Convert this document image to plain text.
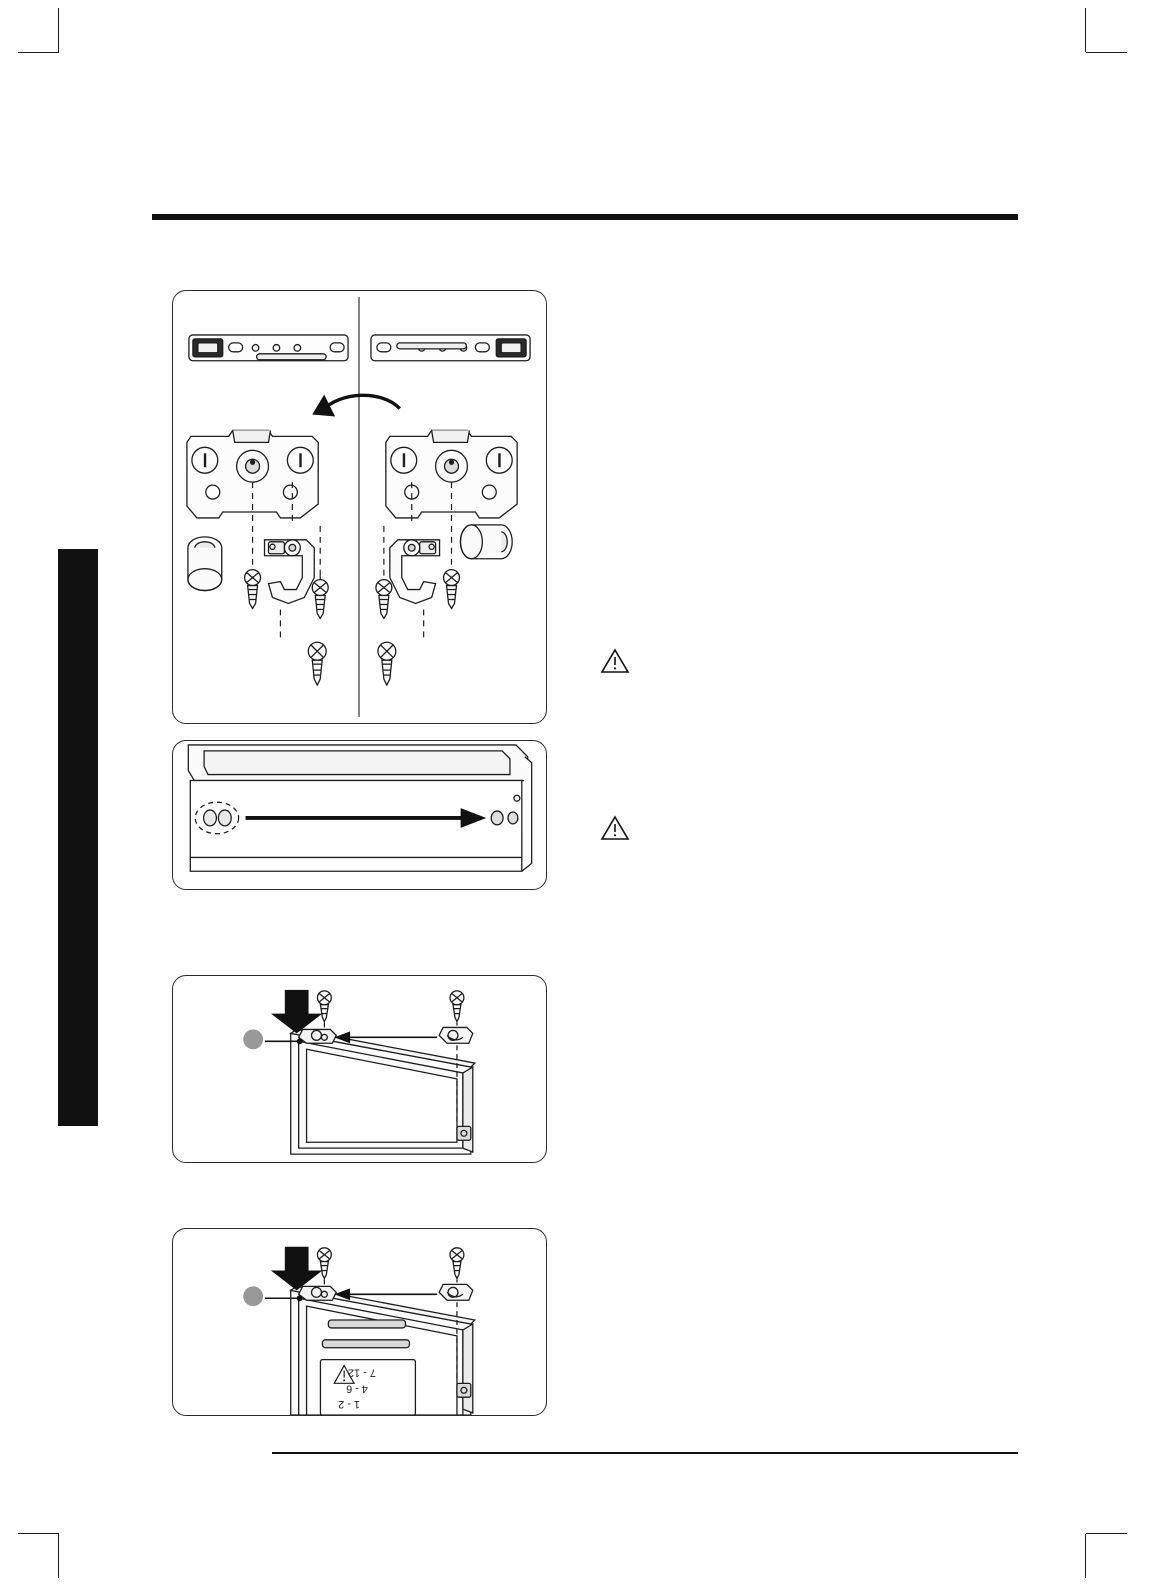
1 - 2
4 - 6
7 - 12
